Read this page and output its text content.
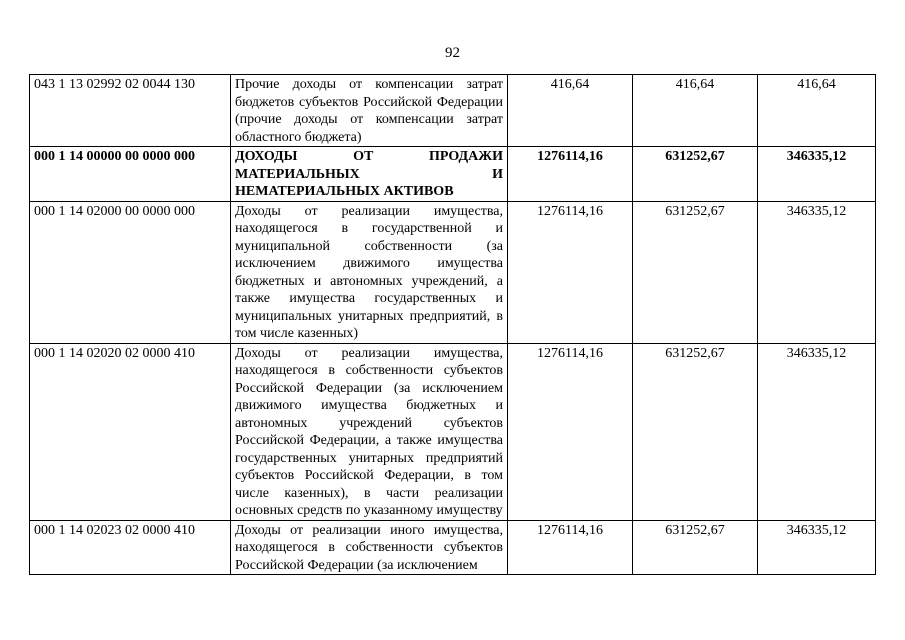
92
043 1 13 02992 02 0044 130	Прочие доходы от компенсации затрат бюджетов субъектов Российской Федерации (прочие доходы от компенсации затрат областного бюджета)	416,64	416,64	416,64
000 1 14 00000 00 0000 000	ДОХОДЫ ОТ ПРОДАЖИ МАТЕРИАЛЬНЫХ И НЕМАТЕРИАЛЬНЫХ АКТИВОВ	1276114,16	631252,67	346335,12
000 1 14 02000 00 0000 000	Доходы от реализации имущества, находящегося в государственной и муниципальной собственности (за исключением движимого имущества бюджетных и автономных учреждений, а также имущества государственных и муниципальных унитарных предприятий, в том числе казенных)	1276114,16	631252,67	346335,12
000 1 14 02020 02 0000 410	Доходы от реализации имущества, находящегося в собственности субъектов Российской Федерации (за исключением движимого имущества бюджетных и автономных учреждений субъектов Российской Федерации, а также имущества государственных унитарных предприятий субъектов Российской Федерации, в том числе казенных), в части реализации основных средств по указанному имуществу	1276114,16	631252,67	346335,12
000 1 14 02023 02 0000 410	Доходы от реализации иного имущества, находящегося в собственности субъектов Российской Федерации (за исключением	1276114,16	631252,67	346335,12
